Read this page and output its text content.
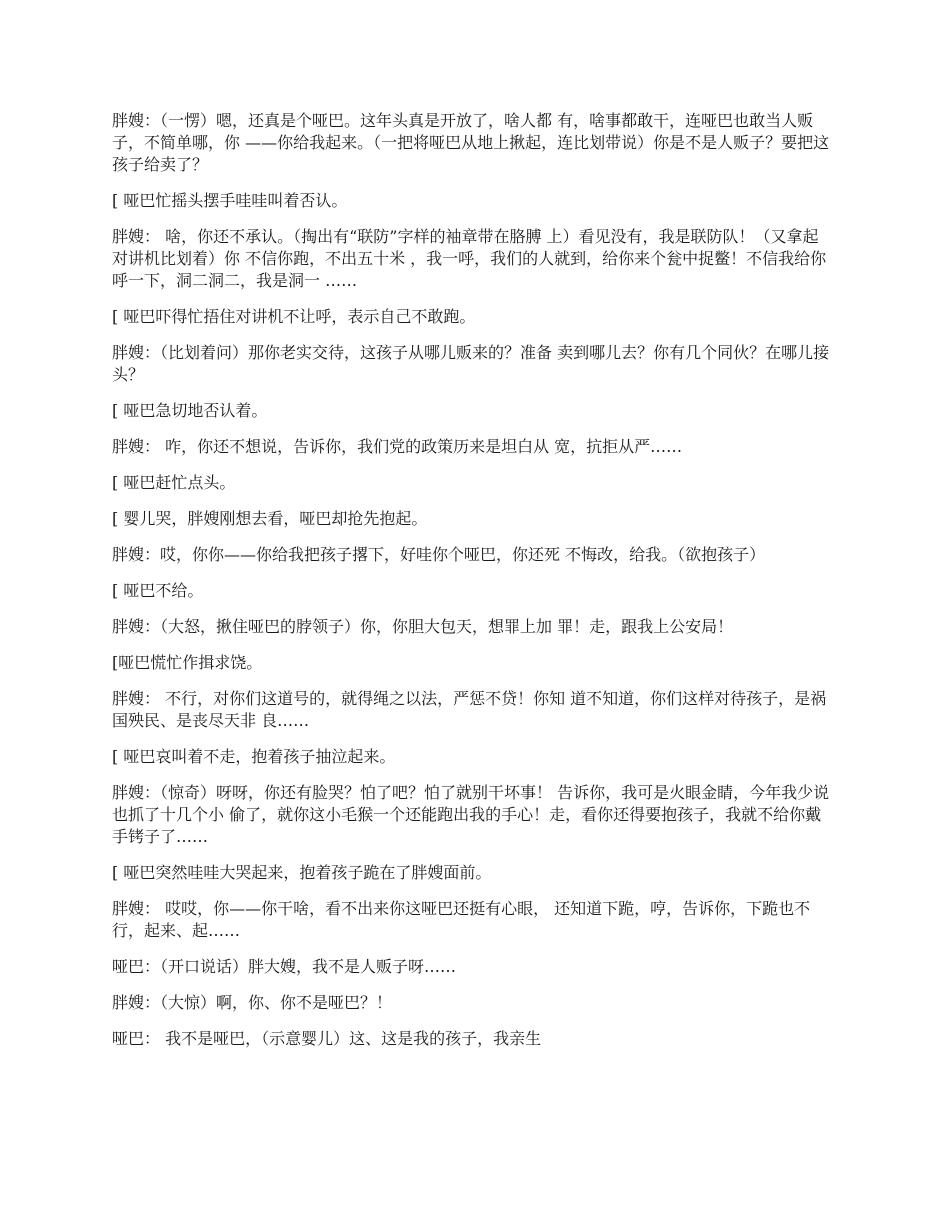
胖嫂：（一愣）嗯，还真是个哑巴。这年头真是开放了，啥人都 有，啥事都敢干，连哑巴也敢当人贩子，不简单哪，你 ——你给我起来。（一把将哑巴从地上揪起，连比划带说）你是不是人贩子？要把这孩子给卖了？

[ 哑巴忙摇头摆手哇哇叫着否认。

胖嫂： 啥，你还不承认。（掏出有“联防”字样的袖章带在胳膊 上）看见没有，我是联防队！（又拿起对讲机比划着）你 不信你跑，不出五十米 ，我一呼，我们的人就到，给你来个瓮中捉鳖！不信我给你呼一下，洞二洞二，我是洞一 ……

[ 哑巴吓得忙捂住对讲机不让呼，表示自己不敢跑。

胖嫂：（比划着问）那你老实交待，这孩子从哪儿贩来的？准备 卖到哪儿去？你有几个同伙？在哪儿接头？

[ 哑巴急切地否认着。

胖嫂： 咋，你还不想说，告诉你，我们党的政策历来是坦白从 宽，抗拒从严……

[ 哑巴赶忙点头。

[ 婴儿哭，胖嫂刚想去看，哑巴却抢先抱起。

胖嫂：哎，你你——你给我把孩子撂下，好哇你个哑巴，你还死 不悔改，给我。（欲抱孩子）

[ 哑巴不给。

胖嫂：（大怒，揪住哑巴的脖领子）你，你胆大包天，想罪上加 罪！走，跟我上公安局！

[哑巴慌忙作揖求饶。

胖嫂： 不行，对你们这道号的，就得绳之以法，严惩不贷！你知 道不知道，你们这样对待孩子，是祸国殃民、是丧尽天非 良……

[ 哑巴哀叫着不走，抱着孩子抽泣起来。

胖嫂：（惊奇）呀呀，你还有脸哭？怕了吧？怕了就别干坏事！ 告诉你，我可是火眼金睛，今年我少说也抓了十几个小 偷了，就你这小毛猴一个还能跑出我的手心！走，看你还得要抱孩子，我就不给你戴手铐子了……

[ 哑巴突然哇哇大哭起来，抱着孩子跪在了胖嫂面前。

胖嫂： 哎哎，你——你干啥，看不出来你这哑巴还挺有心眼， 还知道下跪，哼，告诉你，下跪也不行，起来、起……

哑巴：（开口说话）胖大嫂，我不是人贩子呀……

胖嫂：（大惊）啊，你、你不是哑巴？！

哑巴： 我不是哑巴，（示意婴儿）这、这是我的孩子，我亲生
